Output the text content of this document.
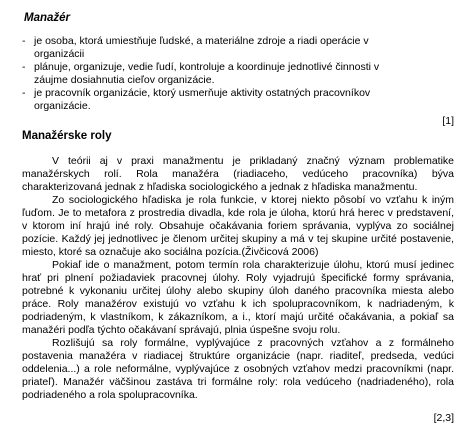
Manažér
- je osoba, ktorá umiestňuje ľudské, a materiálne zdroje a riadi operácie v organizácii
- plánuje, organizuje, vedie ľudí, kontroluje a koordinuje jednotlivé činnosti v záujme dosiahnutia cieľov organizácie.
- je pracovník organizácie, ktorý usmerňuje aktivity ostatných pracovníkov organizácie.
[1]
Manažérske roly

V teórii aj v praxi manažmentu je prikladaný značný význam problematike manažérskych rolí. Rola manažéra (riadiaceho, vedúceho pracovníka) býva charakterizovaná jednak z hľadiska sociologického a jednak z hľadiska manažmentu.

Zo sociologického hľadiska je rola funkcie, v ktorej niekto pôsobí vo vzťahu k iným ľuďom. Je to metafora z prostredia divadla, kde rola je úloha, ktorú hrá herec v predstavení, v ktorom iní hrajú iné roly. Obsahuje očakávania foriem správania, vyplýva zo sociálnej pozície. Každý jej jednotlivec je členom určitej skupiny a má v tej skupine určité postavenie, miesto, ktoré sa označuje ako sociálna pozícia.(Živčicová 2006)

Pokiaľ ide o manažment, potom termín rola charakterizuje úlohu, ktorú musí jedinec hrať pri plnení požiadaviek pracovnej úlohy. Roly vyjadrujú špecifické formy správania, potrebné k vykonaniu určitej úlohy alebo skupiny úloh daného pracovníka miesta alebo práce. Roly manažérov existujú vo vzťahu k ich spolupracovníkom, k nadriadeným, k podriadeným, k vlastníkom, k zákazníkom, a i., ktorí majú určité očakávania, a pokiaľ sa manažéri podľa týchto očakávaní správajú, plnia úspešne svoju rolu.

Rozlišujú sa roly formálne, vyplývajúce z pracovných vzťahov a z formálneho postavenia manažéra v riadiacej štruktúre organizácie (napr. riaditeľ, predseda, vedúci oddelenia...) a role neformálne, vyplývajúce z osobných vzťahov medzi pracovníkmi (napr. priateľ). Manažér väčšinou zastáva tri formálne roly: rola vedúceho (nadriadeného), rola podriadeného a rola spolupracovníka.

[2,3]
